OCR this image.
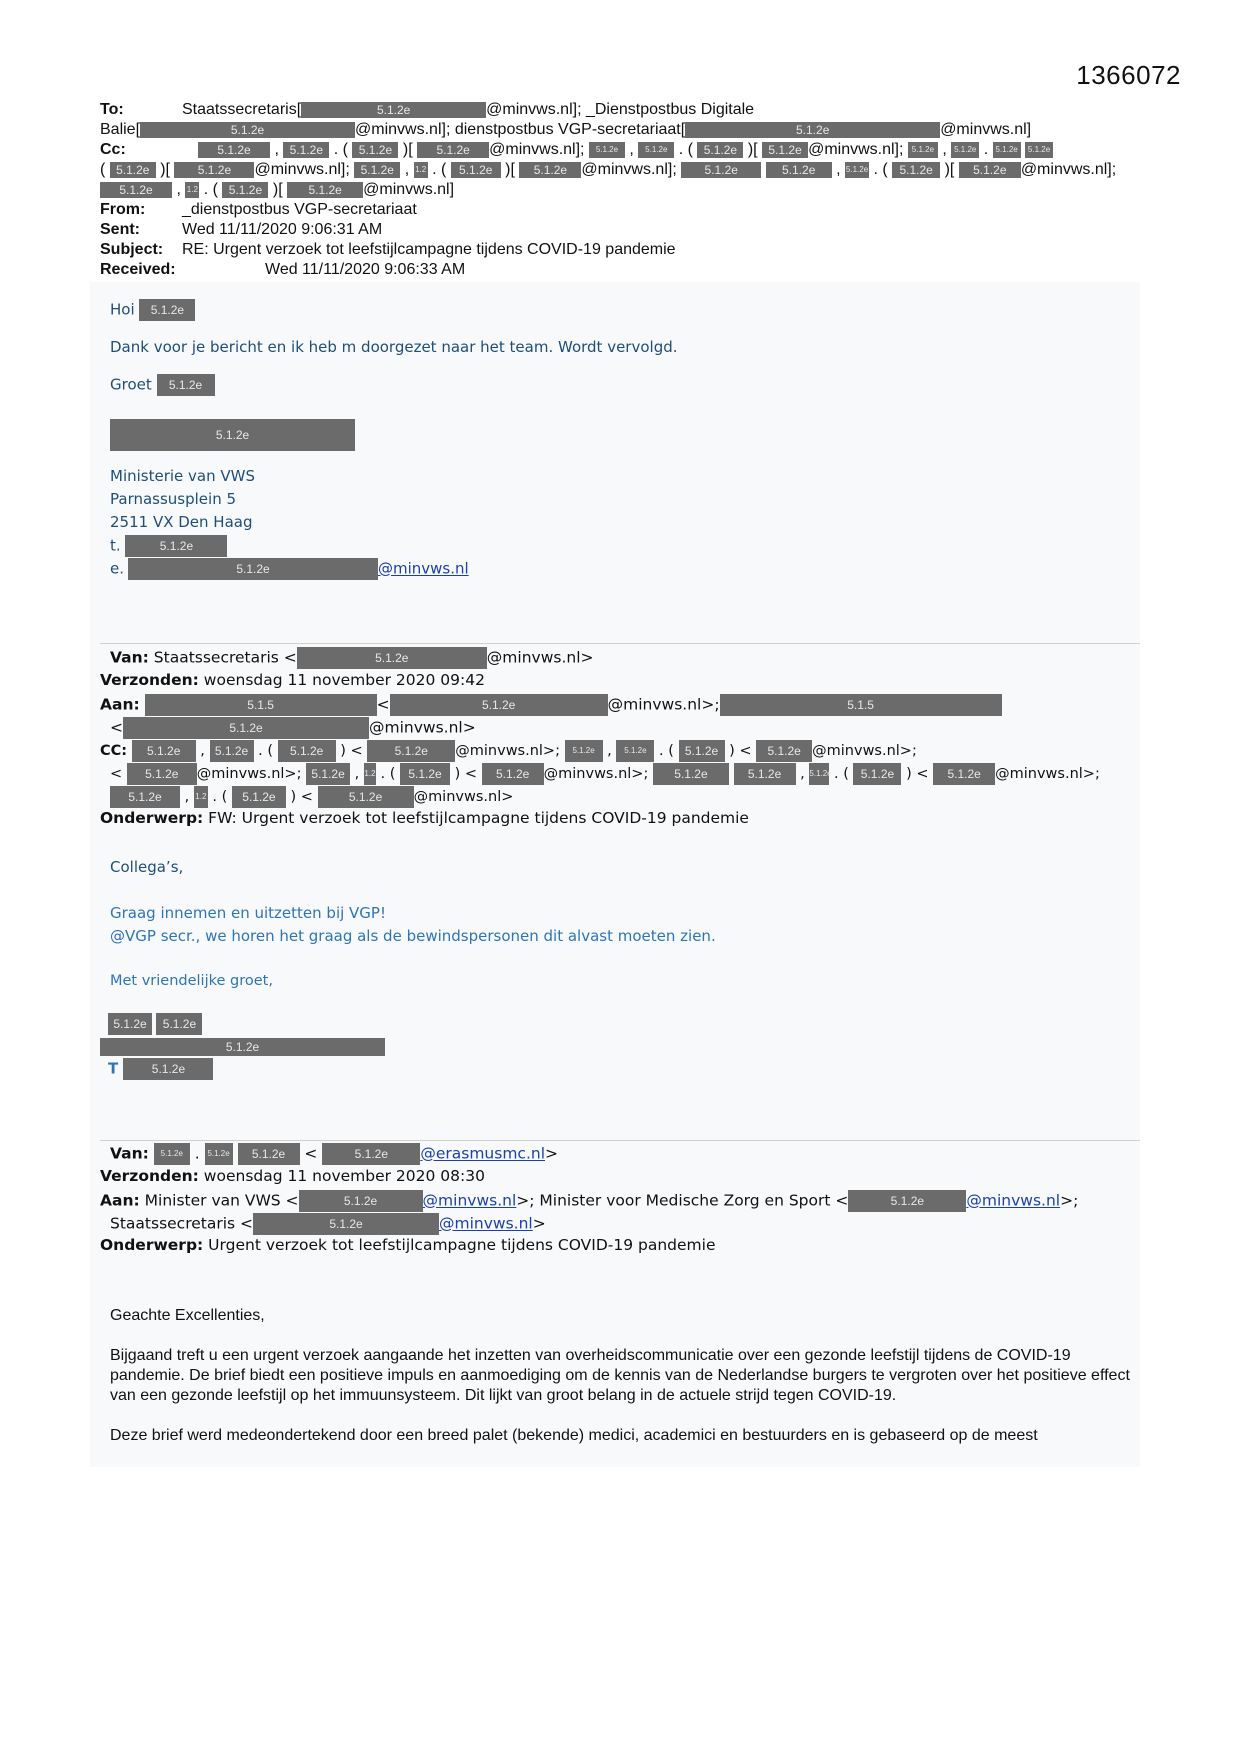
1366072
To:	Staatssecretaris[	5.1.2e	@minvws.nl]; _Dienstpostbus Digitale
Balie[	5.1.2e	@minvws.nl]; dienstpostbus VGP-secretariaat[	5.1.2e	@minvws.nl]
Cc:	5.1.2e , 5.1.2e . ( 5.1.2e )[ 5.1.2e @minvws.nl]; 5.1.2e , 5.1.2e . ( 5.1.2e )[ 5.1.2e @minvws.nl]; 5.1.2e , 5.1.2e . 5.1.2e 5.1.2e
( 5.1.2e )[ 5.1.2e @minvws.nl]; 5.1.2e , 1.2 . ( 5.1.2e )[ 5.1.2e @minvws.nl]; 5.1.2e	5.1.2e , 5.1.2e . ( 5.1.2e )[ 5.1.2e @minvws.nl];
5.1.2e , 1.2 . ( 5.1.2e )[ 5.1.2e @minvws.nl]
From: _dienstpostbus VGP-secretariaat
Sent:	Wed 11/11/2020 9:06:31 AM
Subject: RE: Urgent verzoek tot leefstijlcampagne tijdens COVID-19 pandemie
Received:	Wed 11/11/2020 9:06:33 AM
Hoi 5.1.2e
Dank voor je bericht en ik heb m doorgezet naar het team. Wordt vervolgd.
Groet 5.1.2e
5.1.2e
Ministerie van VWS
Parnassusplein 5
2511 VX Den Haag
t.	5.1.2e
e.	5.1.2e	@minvws.nl
Van: Staatssecretaris <	5.1.2e	@minvws.nl>
Verzonden: woensdag 11 november 2020 09:42
Aan:	5.1.5	<	5.1.2e	@minvws.nl>;	5.1.5
<	5.1.2e	@minvws.nl>
CC: 5.1.2e , 5.1.2e . ( 5.1.2e ) < 5.1.2e @minvws.nl>; 5.1.2e , 5.1.2e . ( 5.1.2e ) < 5.1.2e @minvws.nl>;
< 5.1.2e @minvws.nl>; 5.1.2e , 1.2 . ( 5.1.2e ) < 5.1.2e @minvws.nl>; 5.1.2e	5.1.2e , 5.1.2e . ( 5.1.2e ) < 5.1.2e @minvws.nl>;
5.1.2e , 1.2 . ( 5.1.2e ) <	5.1.2e @minvws.nl>
Onderwerp: FW: Urgent verzoek tot leefstijlcampagne tijdens COVID-19 pandemie
Collega’s,
Graag innemen en uitzetten bij VGP!
@VGP secr., we horen het graag als de bewindspersonen dit alvast moeten zien.
Met vriendelijke groet,
5.1.2e 5.1.2e
5.1.2e
T	5.1.2e
Van: 5.1.2e . 5.1.2e 5.1.2e <	5.1.2e @erasmusmc.nl>
Verzonden: woensdag 11 november 2020 08:30
Aan: Minister van VWS <	5.1.2e	@minvws.nl>; Minister voor Medische Zorg en Sport <	5.1.2e	@minvws.nl>;
Staatssecretaris <	5.1.2e	@minvws.nl>
Onderwerp: Urgent verzoek tot leefstijlcampagne tijdens COVID-19 pandemie
Geachte Excellenties,
Bijgaand treft u een urgent verzoek aangaande het inzetten van overheidscommunicatie over een gezonde leefstijl tijdens de COVID-19 pandemie. De brief biedt een positieve impuls en aanmoediging om de kennis van de Nederlandse burgers te vergroten over het positieve effect van een gezonde leefstijl op het immuunsysteem. Dit lijkt van groot belang in de actuele strijd tegen COVID-19.
Deze brief werd medeondertekend door een breed palet (bekende) medici, academici en bestuurders en is gebaseerd op de meest
